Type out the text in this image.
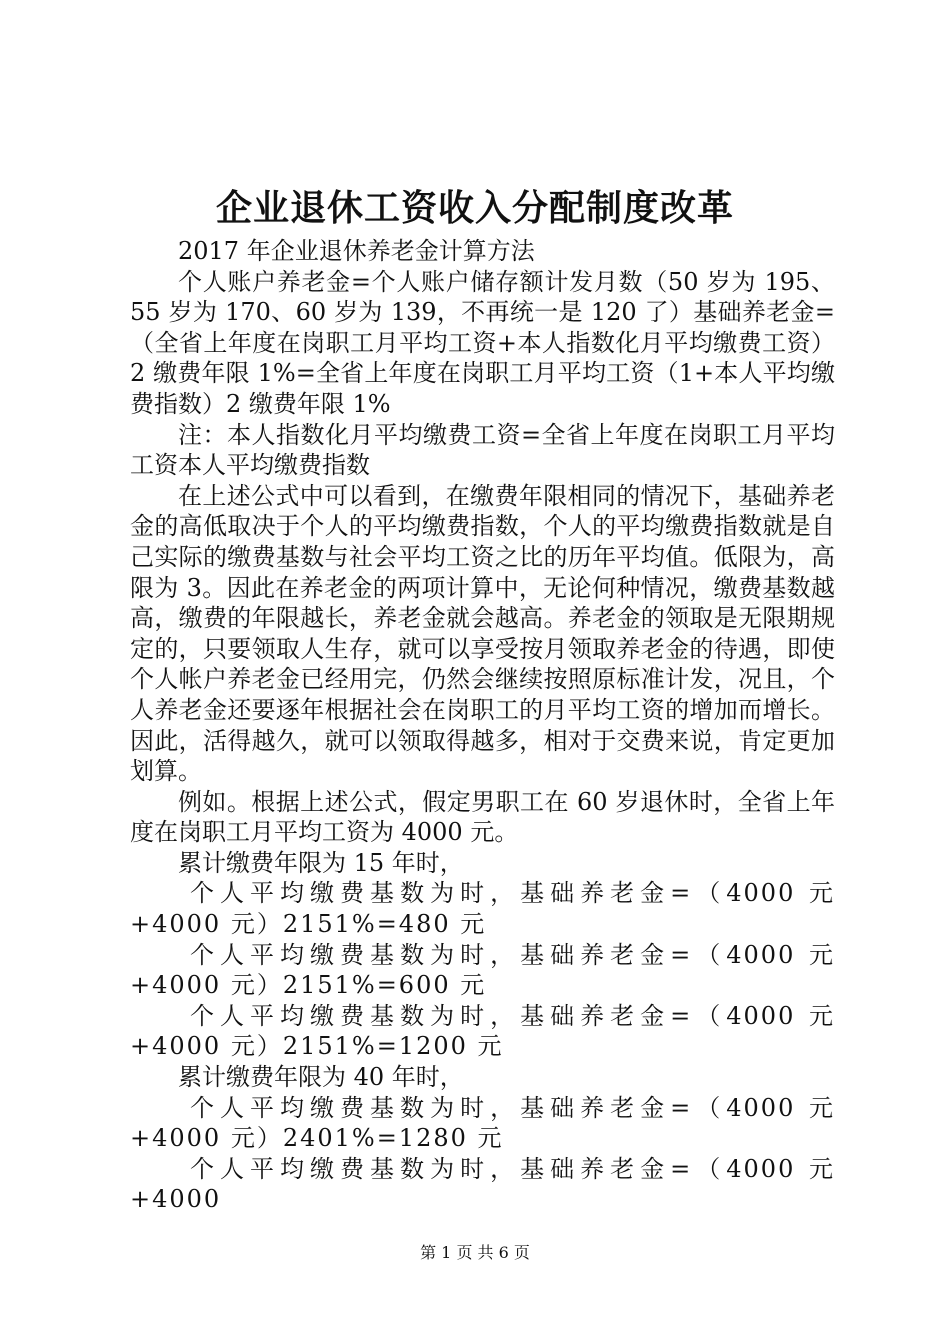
企业退休工资收入分配制度改革

2017 年企业退休养老金计算方法

个人账户养老金=个人账户储存额计发月数（50 岁为 195、55 岁为 170、60 岁为 139，不再统一是 120 了）基础养老金=（全省上年度在岗职工月平均工资+本人指数化月平均缴费工资）2 缴费年限 1%=全省上年度在岗职工月平均工资（1+本人平均缴费指数）2 缴费年限 1%

注：本人指数化月平均缴费工资=全省上年度在岗职工月平均工资本人平均缴费指数

在上述公式中可以看到，在缴费年限相同的情况下，基础养老金的高低取决于个人的平均缴费指数，个人的平均缴费指数就是自己实际的缴费基数与社会平均工资之比的历年平均值。低限为，高限为 3。因此在养老金的两项计算中，无论何种情况，缴费基数越高，缴费的年限越长，养老金就会越高。养老金的领取是无限期规定的，只要领取人生存，就可以享受按月领取养老金的待遇，即使个人帐户养老金已经用完，仍然会继续按照原标准计发，况且，个人养老金还要逐年根据社会在岗职工的月平均工资的增加而增长。因此，活得越久，就可以领取得越多，相对于交费来说，肯定更加划算。

例如。根据上述公式，假定男职工在 60 岁退休时，全省上年度在岗职工月平均工资为 4000 元。

累计缴费年限为 15 年时，

个人平均缴费基数为时，基础养老金=（4000 元+4000 元）2151%=480 元

个人平均缴费基数为时，基础养老金=（4000 元+4000 元）2151%=600 元

个人平均缴费基数为时，基础养老金=（4000 元+4000 元）2151%=1200 元

累计缴费年限为 40 年时，

个人平均缴费基数为时，基础养老金=（4000 元+4000 元）2401%=1280 元

个人平均缴费基数为时，基础养老金=（4000 元+4000

第 1 页 共 6 页
